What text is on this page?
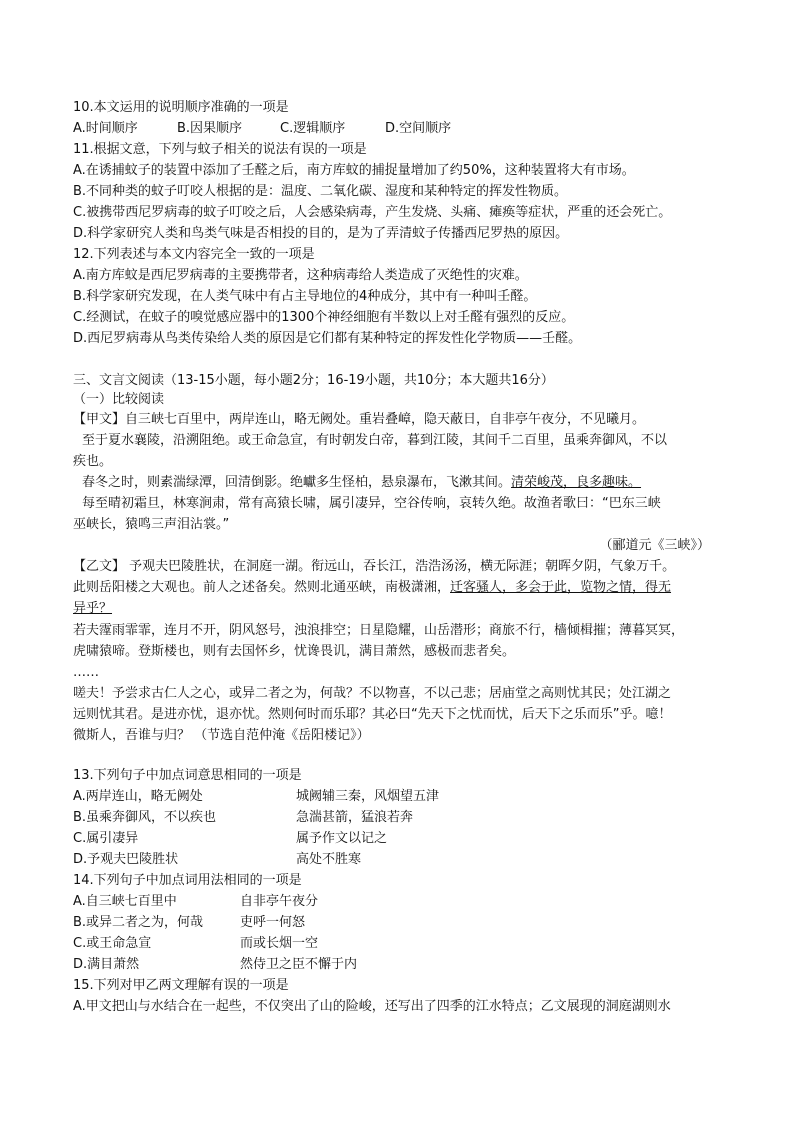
10.本文运用的说明顺序准确的一项是
A.时间顺序	B.因果顺序	C.逻辑顺序	D.空间顺序
11.根据文意，下列与蚊子相关的说法有误的一项是
A.在诱捕蚊子的装置中添加了壬醛之后，南方库蚊的捕捉量增加了约50%，这种装置将大有市场。
B.不同种类的蚊子叮咬人根据的是：温度、二氧化碳、湿度和某种特定的挥发性物质。
C.被携带西尼罗病毒的蚊子叮咬之后，人会感染病毒，产生发烧、头痛、瘫痪等症状，严重的还会死亡。
D.科学家研究人类和鸟类气味是否相投的目的，是为了弄清蚊子传播西尼罗热的原因。
12.下列表述与本文内容完全一致的一项是
A.南方库蚊是西尼罗病毒的主要携带者，这种病毒给人类造成了灭绝性的灾难。
B.科学家研究发现，在人类气味中有占主导地位的4种成分，其中有一种叫壬醛。
C.经测试，在蚊子的嗅觉感应器中的1300个神经细胞有半数以上对壬醛有强烈的反应。
D.西尼罗病毒从鸟类传染给人类的原因是它们都有某种特定的挥发性化学物质——壬醛。
三、文言文阅读（13-15小题，每小题2分；16-19小题，共10分；本大题共16分）
（一）比较阅读
【甲文】自三峡七百里中，两岸连山，略无阙处。重岩叠嶂，隐天蔽日，自非亭午夜分，不见曦月。
至于夏水襄陵，沿溯阻绝。或王命急宣，有时朝发白帝，暮到江陵，其间千二百里，虽乘奔御风，不以
疾也。
春冬之时，则素湍绿潭，回清倒影。绝巘多生怪柏，悬泉瀑布，飞漱其间。清荣峻茂，良多趣味。
每至晴初霜旦，林寒涧肃，常有高猿长啸，属引凄异，空谷传响，哀转久绝。故渔者歌曰：“巴东三峡
巫峡长，猿鸣三声泪沾裳。”
（郦道元《三峡》）
【乙文】 予观夫巴陵胜状，在洞庭一湖。衔远山，吞长江，浩浩汤汤，横无际涯；朝晖夕阴，气象万千。
此则岳阳楼之大观也。前人之述备矣。然则北通巫峡，南极潇湘，迁客骚人，多会于此，览物之情，得无
异乎？
若夫霪雨霏霏，连月不开，阴风怒号，浊浪排空；日星隐耀，山岳潜形；商旅不行，樯倾楫摧；薄暮冥冥，
虎啸猿啼。登斯楼也，则有去国怀乡，忧谗畏讥，满目萧然，感极而悲者矣。
……
嗟夫！予尝求古仁人之心，或异二者之为，何哉？不以物喜，不以己悲；居庙堂之高则忧其民；处江湖之
远则忧其君。是进亦忧，退亦忧。然则何时而乐耶？其必曰“先天下之忧而忧，后天下之乐而乐”乎。噫！
微斯人，吾谁与归？ （节选自范仲淹《岳阳楼记》）
13.下列句子中加点词意思相同的一项是
A.两岸连山，略无阙处	城阙辅三秦，风烟望五津
B.虽乘奔御风，不以疾也	急湍甚箭，猛浪若奔
C.属引凄异	属予作文以记之
D.予观夫巴陵胜状	高处不胜寒
14.下列句子中加点词用法相同的一项是
A.自三峡七百里中	自非亭午夜分
B.或异二者之为，何哉	吏呼一何怒
C.或王命急宣	而或长烟一空
D.满目萧然	然侍卫之臣不懈于内
15.下列对甲乙两文理解有误的一项是
A.甲文把山与水结合在一起些，不仅突出了山的险峻，还写出了四季的江水特点；乙文展现的洞庭湖则水
